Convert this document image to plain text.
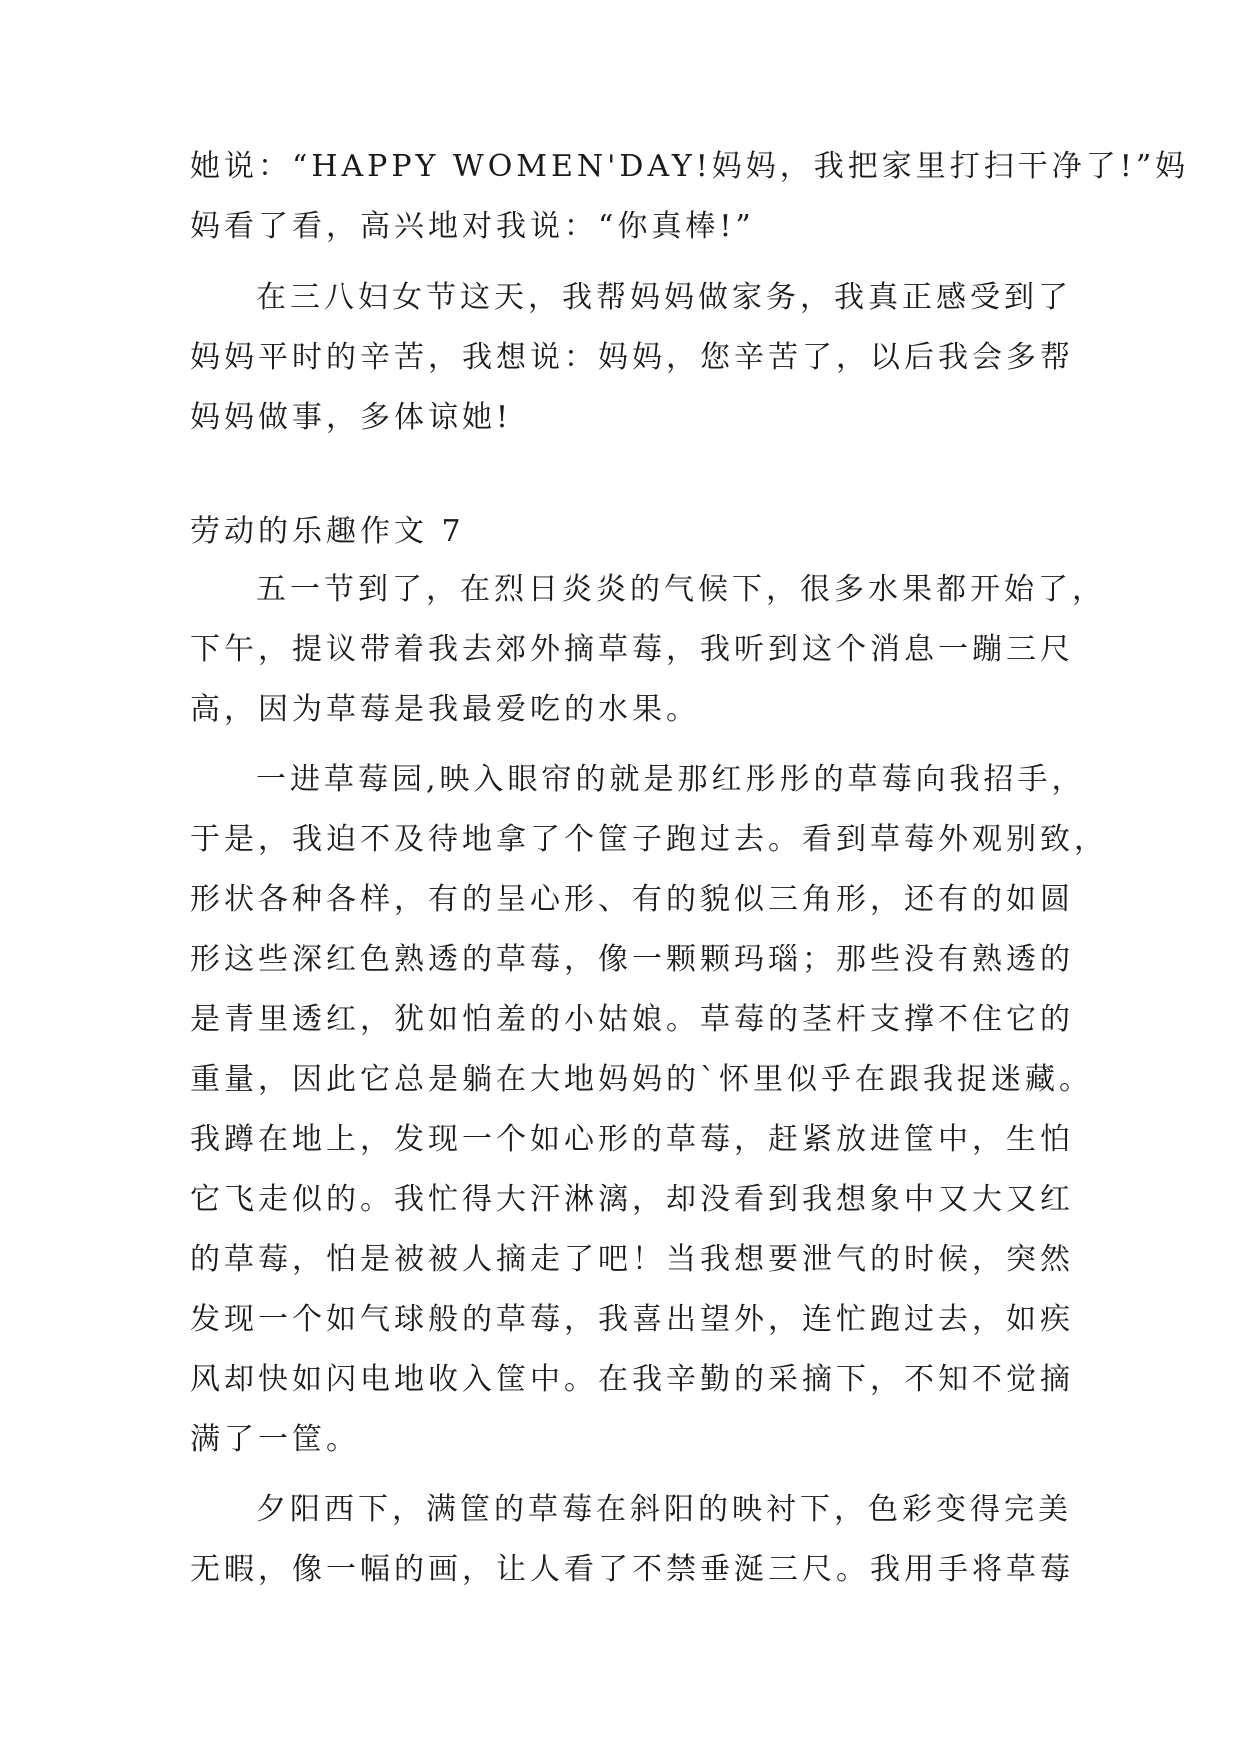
她说：“HAPPY WOMEN'DAY!妈妈，我把家里打扫干净了!”妈
妈看了看，高兴地对我说：“你真棒!”
在三八妇女节这天，我帮妈妈做家务，我真正感受到了
妈妈平时的辛苦，我想说：妈妈，您辛苦了，以后我会多帮
妈妈做事，多体谅她!
劳动的乐趣作文 7
五一节到了，在烈日炎炎的气候下，很多水果都开始了，
下午，提议带着我去郊外摘草莓，我听到这个消息一蹦三尺
高，因为草莓是我最爱吃的水果。
一进草莓园,映入眼帘的就是那红彤彤的草莓向我招手，
于是，我迫不及待地拿了个筐子跑过去。看到草莓外观别致，
形状各种各样，有的呈心形、有的貌似三角形，还有的如圆
形这些深红色熟透的草莓，像一颗颗玛瑙；那些没有熟透的
是青里透红，犹如怕羞的小姑娘。草莓的茎杆支撑不住它的
重量，因此它总是躺在大地妈妈的`怀里似乎在跟我捉迷藏。
我蹲在地上，发现一个如心形的草莓，赶紧放进筐中，生怕
它飞走似的。我忙得大汗淋漓，却没看到我想象中又大又红
的草莓，怕是被被人摘走了吧！当我想要泄气的时候，突然
发现一个如气球般的草莓，我喜出望外，连忙跑过去，如疾
风却快如闪电地收入筐中。在我辛勤的采摘下，不知不觉摘
满了一筐。
夕阳西下，满筐的草莓在斜阳的映衬下，色彩变得完美
无暇，像一幅的画，让人看了不禁垂涎三尺。我用手将草莓
